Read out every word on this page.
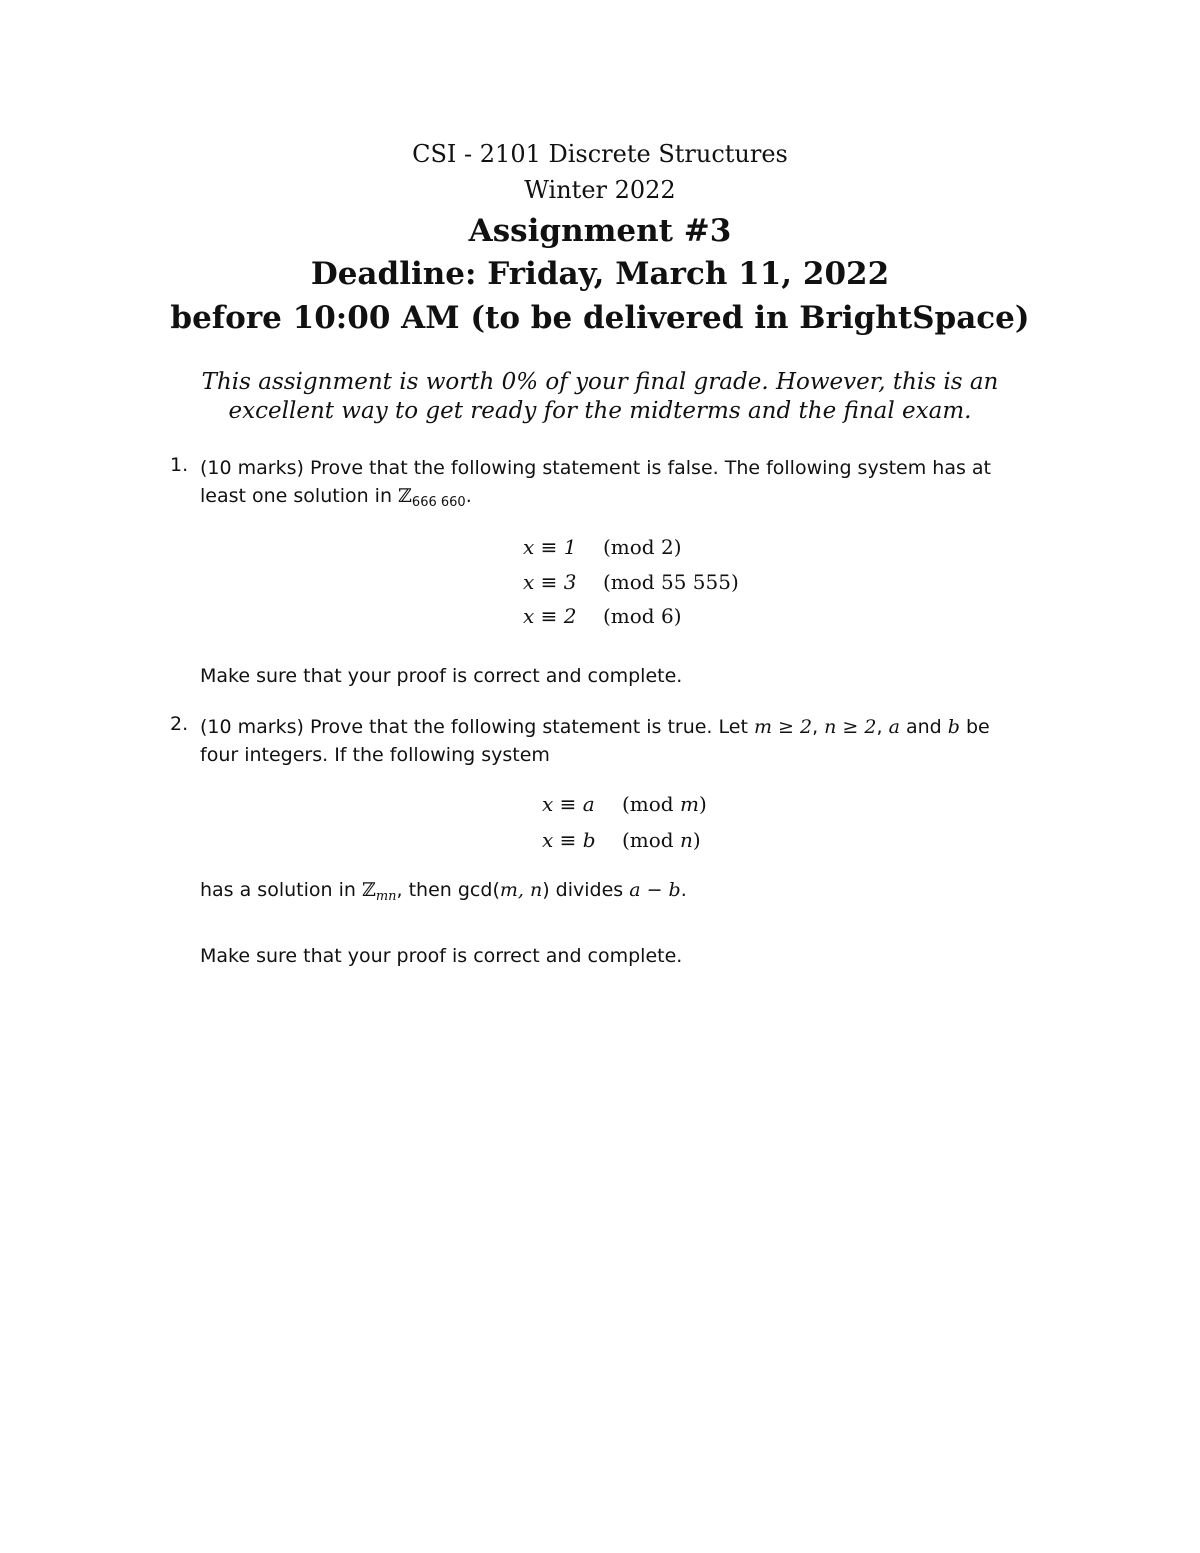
CSI - 2101 Discrete Structures
Winter 2022
Assignment #3
Deadline: Friday, March 11, 2022
before 10:00 AM (to be delivered in BrightSpace)
This assignment is worth 0% of your final grade. However, this is an
excellent way to get ready for the midterms and the final exam.
1. (10 marks) Prove that the following statement is false. The following system has at
least one solution in ℤ$_{666 660}$.
x ≡ 1 (mod 2)
x ≡ 3 (mod 55 555)
x ≡ 2 (mod 6)
Make sure that your proof is correct and complete.
2. (10 marks) Prove that the following statement is true. Let m ≥ 2, n ≥ 2, a and b be
four integers. If the following system
x ≡ a (mod m)
x ≡ b (mod n)
has a solution in ℤ$_{mn}$, then gcd(m, n) divides a − b.
Make sure that your proof is correct and complete.
